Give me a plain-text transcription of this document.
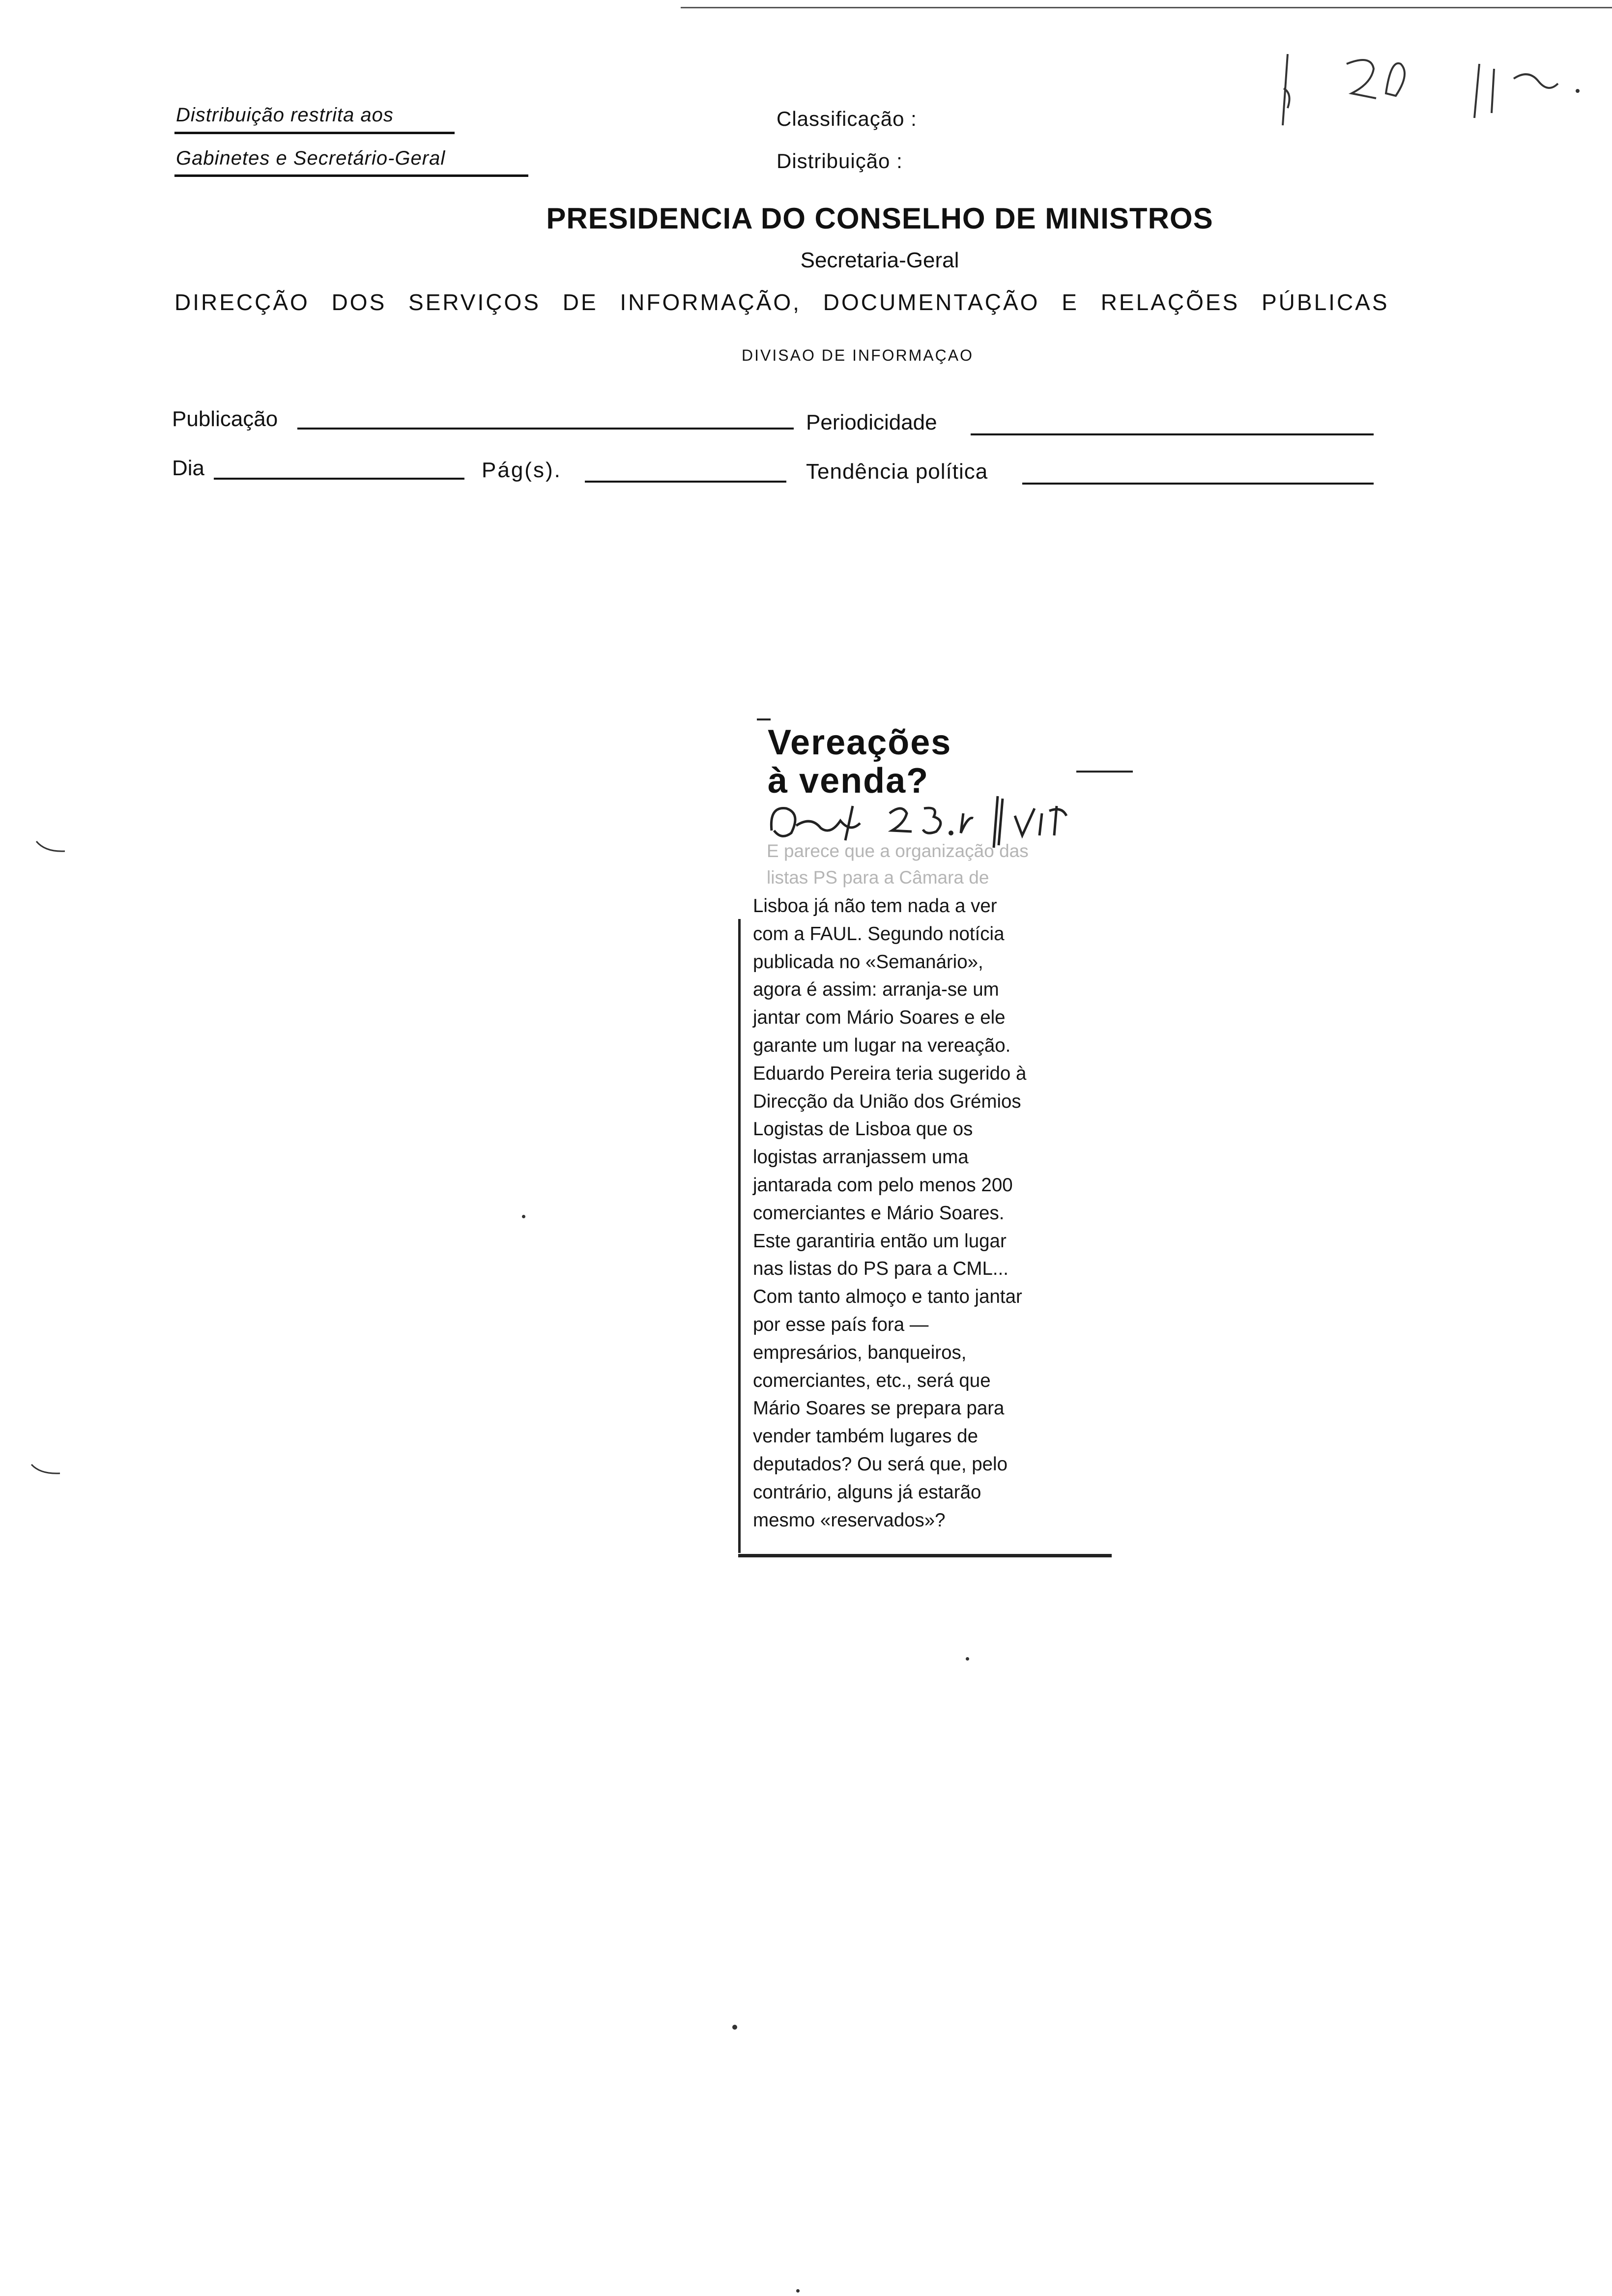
Distribuição restrita aos
Gabinetes e Secretário-Geral
Classificação :
Distribuição :
PRESIDENCIA DO CONSELHO DE MINISTROS
Secretaria-Geral
DIRECÇÃO DOS SERVIÇOS DE INFORMAÇÃO, DOCUMENTAÇÃO E RELAÇÕES PÚBLICAS
DIVISAO DE INFORMAÇAO
Publicação	Periodicidade
Dia	Pág(s).	Tendência política
Vereações
à venda?
E parece que a organização das
listas PS para a Câmara de

Lisboa já não tem nada a ver

com a FAUL. Segundo notícia

publicada no «Semanário»,

agora é assim: arranja-se um

jantar com Mário Soares e ele

garante um lugar na vereação.

Eduardo Pereira teria sugerido à

Direcção da União dos Grémios

Logistas de Lisboa que os

logistas arranjassem uma

jantarada com pelo menos 200

comerciantes e Mário Soares.

Este garantiria então um lugar

nas listas do PS para a CML...

Com tanto almoço e tanto jantar

por esse país fora —

empresários, banqueiros,

comerciantes, etc., será que

Mário Soares se prepara para

vender também lugares de

deputados? Ou será que, pelo

contrário, alguns já estarão

mesmo «reservados»?
